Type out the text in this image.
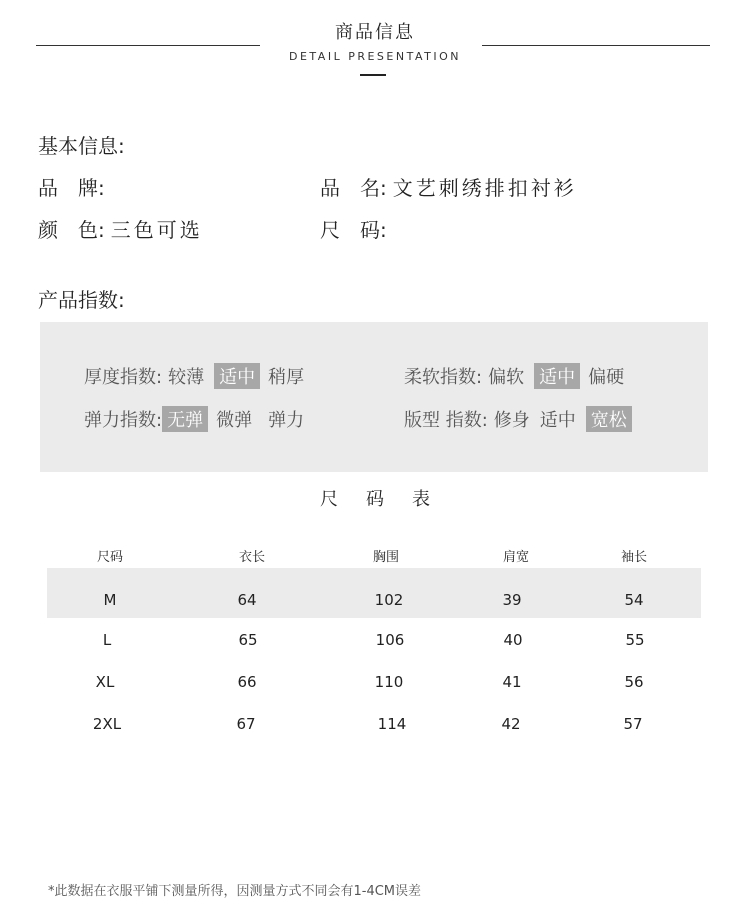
商品信息
DETAIL PRESENTATION
基本信息:
品　牌:	品　名: 文艺刺绣排扣衬衫
颜　色: 三色可选	尺　码:
产品指数:
厚度指数: 较薄 适中 稍厚	柔软指数: 偏软 适中 偏硬
弹力指数: 无弹 微弹 弹力	版型 指数: 修身 适中 宽松
尺码表
尺码	衣长	胸围	肩宽	袖长
M	64	102	39	54
L	65	106	40	55
XL	66	110	41	56
2XL	67	114	42	57
*此数据在衣服平铺下测量所得，因测量方式不同会有1-4CM误差
